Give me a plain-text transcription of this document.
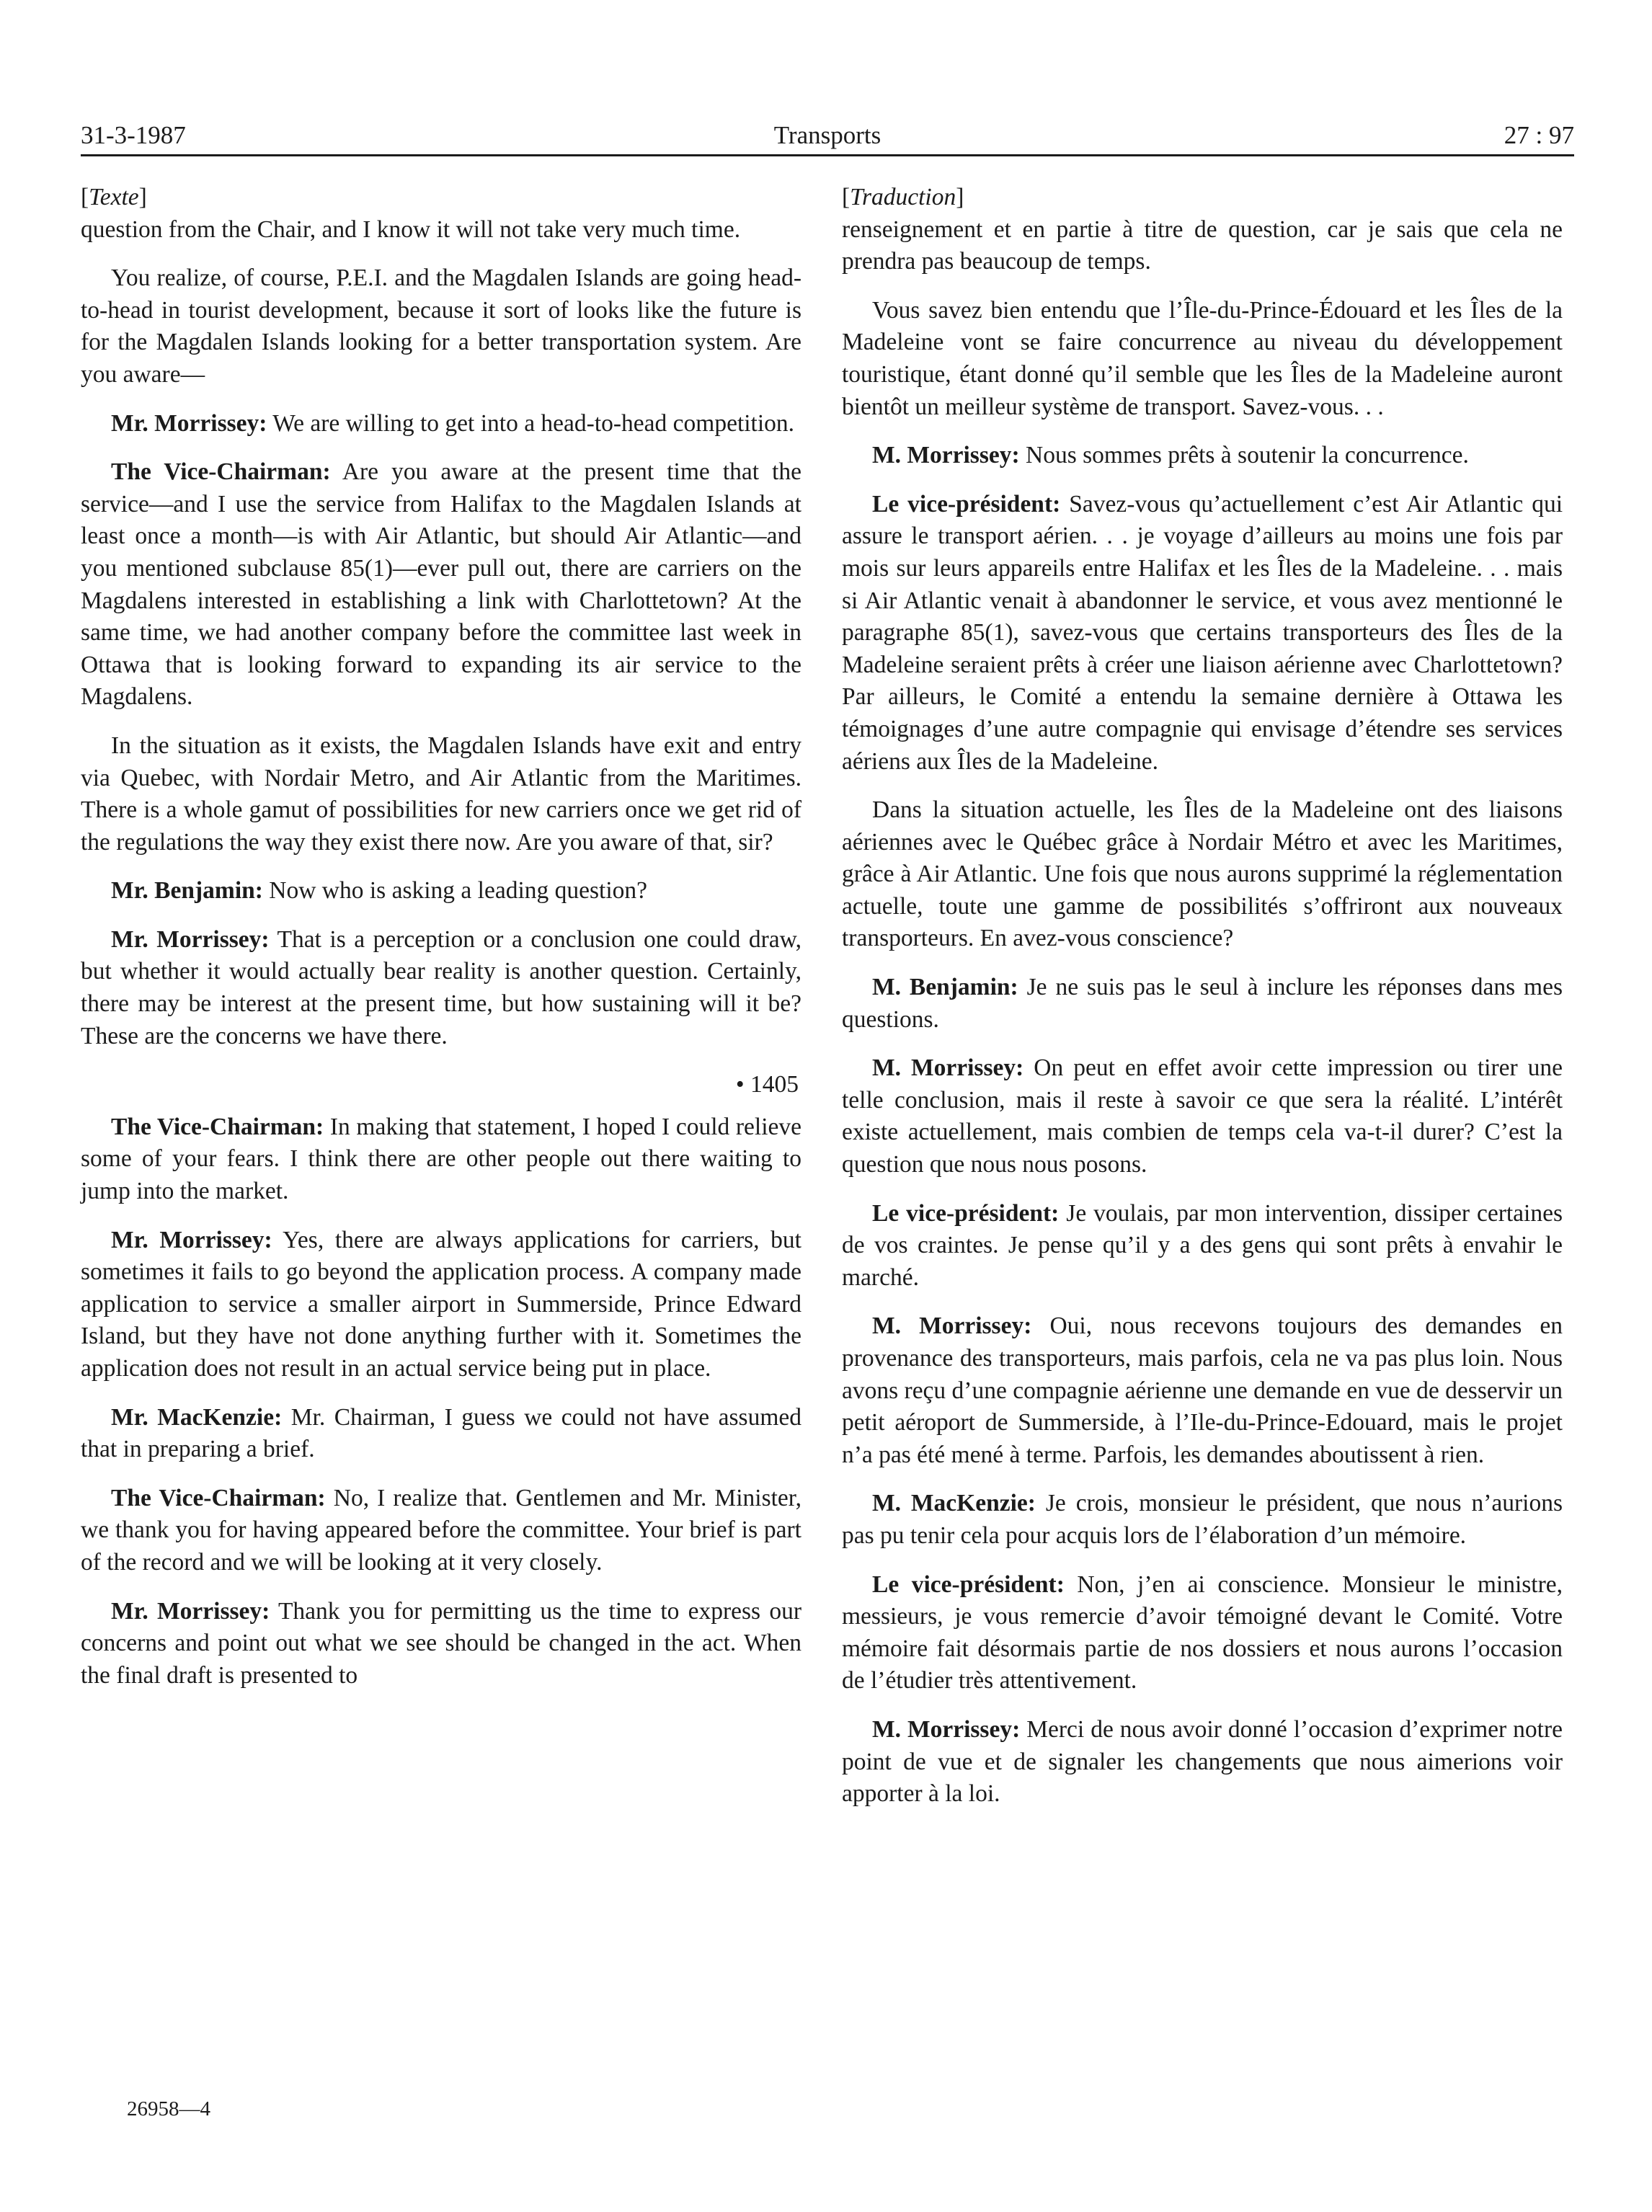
31-3-1987	Transports	27 : 97

[Texte]

question from the Chair, and I know it will not take very much time.

You realize, of course, P.E.I. and the Magdalen Islands are going head-to-head in tourist development, because it sort of looks like the future is for the Magdalen Islands looking for a better transportation system. Are you aware—

Mr. Morrissey: We are willing to get into a head-to-head competition.

The Vice-Chairman: Are you aware at the present time that the service—and I use the service from Halifax to the Magdalen Islands at least once a month—is with Air Atlantic, but should Air Atlantic—and you mentioned subclause 85(1)—ever pull out, there are carriers on the Magdalens interested in establishing a link with Charlottetown? At the same time, we had another company before the committee last week in Ottawa that is looking forward to expanding its air service to the Magdalens.

In the situation as it exists, the Magdalen Islands have exit and entry via Quebec, with Nordair Metro, and Air Atlantic from the Maritimes. There is a whole gamut of possibilities for new carriers once we get rid of the regulations the way they exist there now. Are you aware of that, sir?

Mr. Benjamin: Now who is asking a leading question?

Mr. Morrissey: That is a perception or a conclusion one could draw, but whether it would actually bear reality is another question. Certainly, there may be interest at the present time, but how sustaining will it be? These are the concerns we have there.

• 1405

The Vice-Chairman: In making that statement, I hoped I could relieve some of your fears. I think there are other people out there waiting to jump into the market.

Mr. Morrissey: Yes, there are always applications for carriers, but sometimes it fails to go beyond the application process. A company made application to service a smaller airport in Summerside, Prince Edward Island, but they have not done anything further with it. Sometimes the application does not result in an actual service being put in place.

Mr. MacKenzie: Mr. Chairman, I guess we could not have assumed that in preparing a brief.

The Vice-Chairman: No, I realize that. Gentlemen and Mr. Minister, we thank you for having appeared before the committee. Your brief is part of the record and we will be looking at it very closely.

Mr. Morrissey: Thank you for permitting us the time to express our concerns and point out what we see should be changed in the act. When the final draft is presented to

[Traduction]

renseignement et en partie à titre de question, car je sais que cela ne prendra pas beaucoup de temps.

Vous savez bien entendu que l’Île-du-Prince-Édouard et les Îles de la Madeleine vont se faire concurrence au niveau du développement touristique, étant donné qu’il semble que les Îles de la Madeleine auront bientôt un meilleur système de transport. Savez-vous. . .

M. Morrissey: Nous sommes prêts à soutenir la concurrence.

Le vice-président: Savez-vous qu’actuellement c’est Air Atlantic qui assure le transport aérien. . . je voyage d’ailleurs au moins une fois par mois sur leurs appareils entre Halifax et les Îles de la Madeleine. . . mais si Air Atlantic venait à abandonner le service, et vous avez mentionné le paragraphe 85(1), savez-vous que certains transporteurs des Îles de la Madeleine seraient prêts à créer une liaison aérienne avec Charlottetown? Par ailleurs, le Comité a entendu la semaine dernière à Ottawa les témoignages d’une autre compagnie qui envisage d’étendre ses services aériens aux Îles de la Madeleine.

Dans la situation actuelle, les Îles de la Madeleine ont des liaisons aériennes avec le Québec grâce à Nordair Métro et avec les Maritimes, grâce à Air Atlantic. Une fois que nous aurons supprimé la réglementation actuelle, toute une gamme de possibilités s’offriront aux nouveaux transporteurs. En avez-vous conscience?

M. Benjamin: Je ne suis pas le seul à inclure les réponses dans mes questions.

M. Morrissey: On peut en effet avoir cette impression ou tirer une telle conclusion, mais il reste à savoir ce que sera la réalité. L’intérêt existe actuellement, mais combien de temps cela va-t-il durer? C’est la question que nous nous posons.

Le vice-président: Je voulais, par mon intervention, dissiper certaines de vos craintes. Je pense qu’il y a des gens qui sont prêts à envahir le marché.

M. Morrissey: Oui, nous recevons toujours des demandes en provenance des transporteurs, mais parfois, cela ne va pas plus loin. Nous avons reçu d’une compagnie aérienne une demande en vue de desservir un petit aéroport de Summerside, à l’Ile-du-Prince-Edouard, mais le projet n’a pas été mené à terme. Parfois, les demandes aboutissent à rien.

M. MacKenzie: Je crois, monsieur le président, que nous n’aurions pas pu tenir cela pour acquis lors de l’élaboration d’un mémoire.

Le vice-président: Non, j’en ai conscience. Monsieur le ministre, messieurs, je vous remercie d’avoir témoigné devant le Comité. Votre mémoire fait désormais partie de nos dossiers et nous aurons l’occasion de l’étudier très attentivement.

M. Morrissey: Merci de nous avoir donné l’occasion d’exprimer notre point de vue et de signaler les changements que nous aimerions voir apporter à la loi.

26958—4
